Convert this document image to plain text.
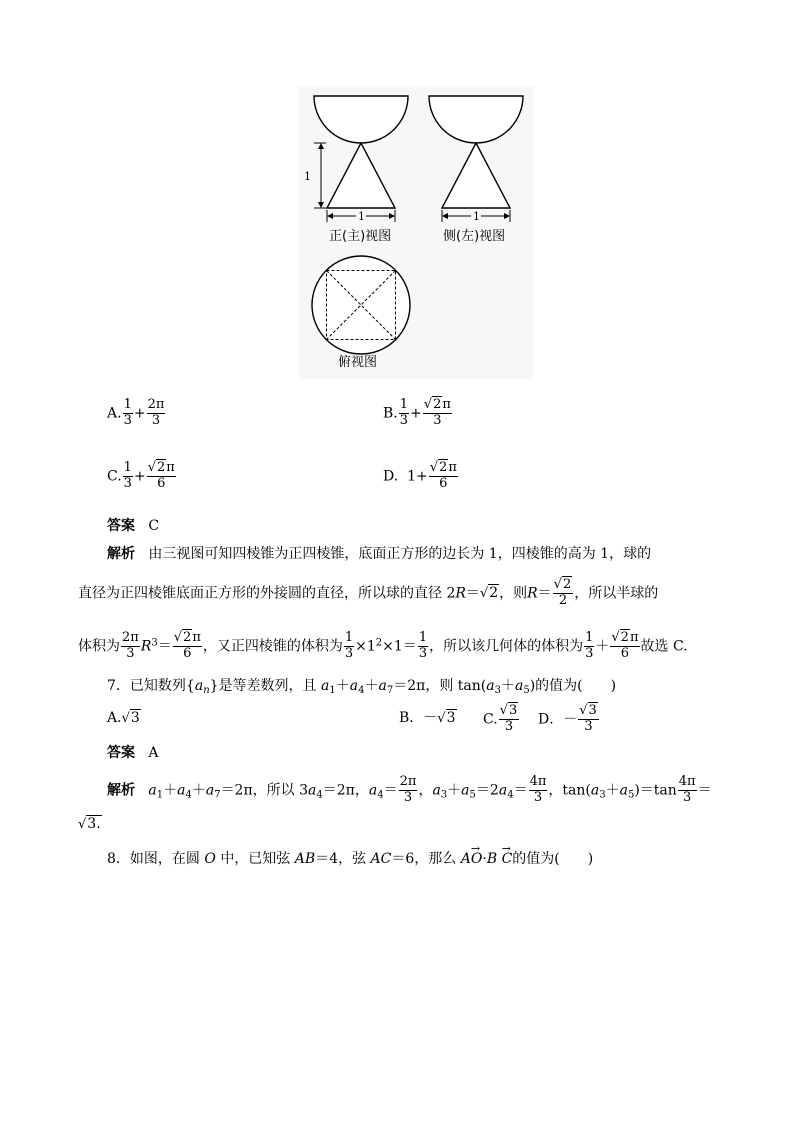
1
1	1
正(主)视图	侧(左)视图
俯视图
A. $\frac{1}{3} + \frac{2\pi}{3}$	B. $\frac{1}{3} + \frac{√2\pi}{3}$
C. $\frac{1}{3} + \frac{√2\pi}{6}$	D. $1+ \frac{√2\pi}{6}$
答案 C
解析 由三视图可知四棱锥为正四棱锥，底面正方形的边长为 1，四棱锥的高为 1，球的
直径为正四棱锥底面正方形的外接圆的直径，所以球的直径 2R＝√2，则$R= \frac{√2}{2}$ ，所以半球的
体积为 $\frac{2\pi}{3} R^3= \frac{√2\pi}{6}$ ，又正四棱锥的体积为 $\frac{1}{3} \times 1^2\times 1= \frac{1}{3}$ ，所以该几何体的体积为 $\frac{1}{3} + \frac{√2\pi}{6}$ 故选 C.
7．已知数列$\{a_n\}$是等差数列，且 $a_1+a_4+a_7=2\pi$，则 $\tan(a_3+a_5)$的值为(　　)
A.√3	B．－√3 C. $\frac{√3}{3}$ D．－ $\frac{√3}{3}$
答案 A
解析 $a_1+a_4+a_7=2\pi$，所以 $3a_4=2\pi$，$a_4= \frac{2\pi}{3}$ ，$a_3+a_5=2a_4= \frac{4\pi}{3}$ ，$\tan(a_3+a_5)=\tan \frac{4\pi}{3}$ ＝
√3.
8．如图，在圆 O 中，已知弦 AB＝4，弦 AC＝6，那么 A→ O·B → C的值为(　　)
